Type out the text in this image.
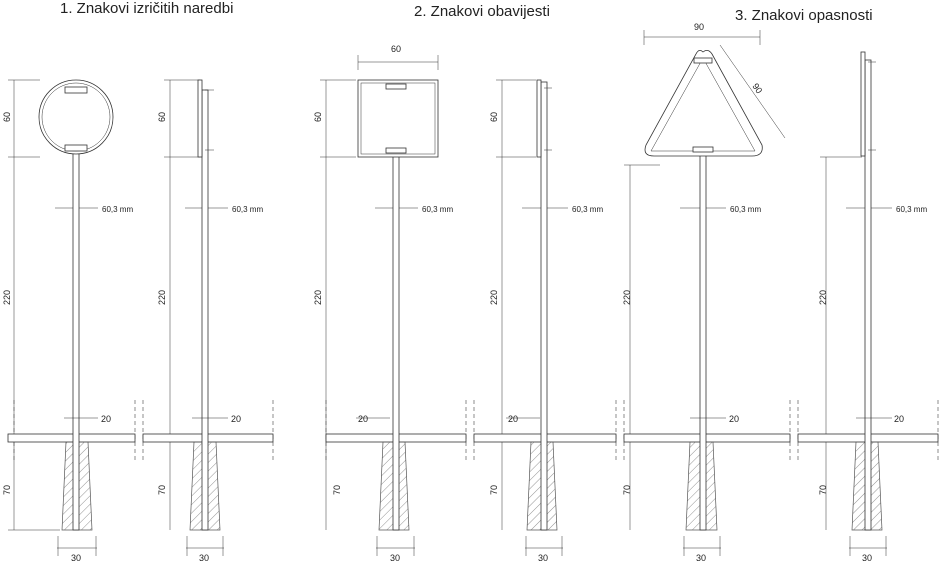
1. Znakovi izričitih naredbi	2. Znakovi obavijesti	3. Znakovi opasnosti
60
220
70
60,3 mm
20
30
60
220
70
60,3 mm
20
30
60
220
70
60
60,3 mm
20
30
60
220
70
60,3 mm
20
30
220
70
90
90
60,3 mm
20
30
220
70
60,3 mm
20
30
